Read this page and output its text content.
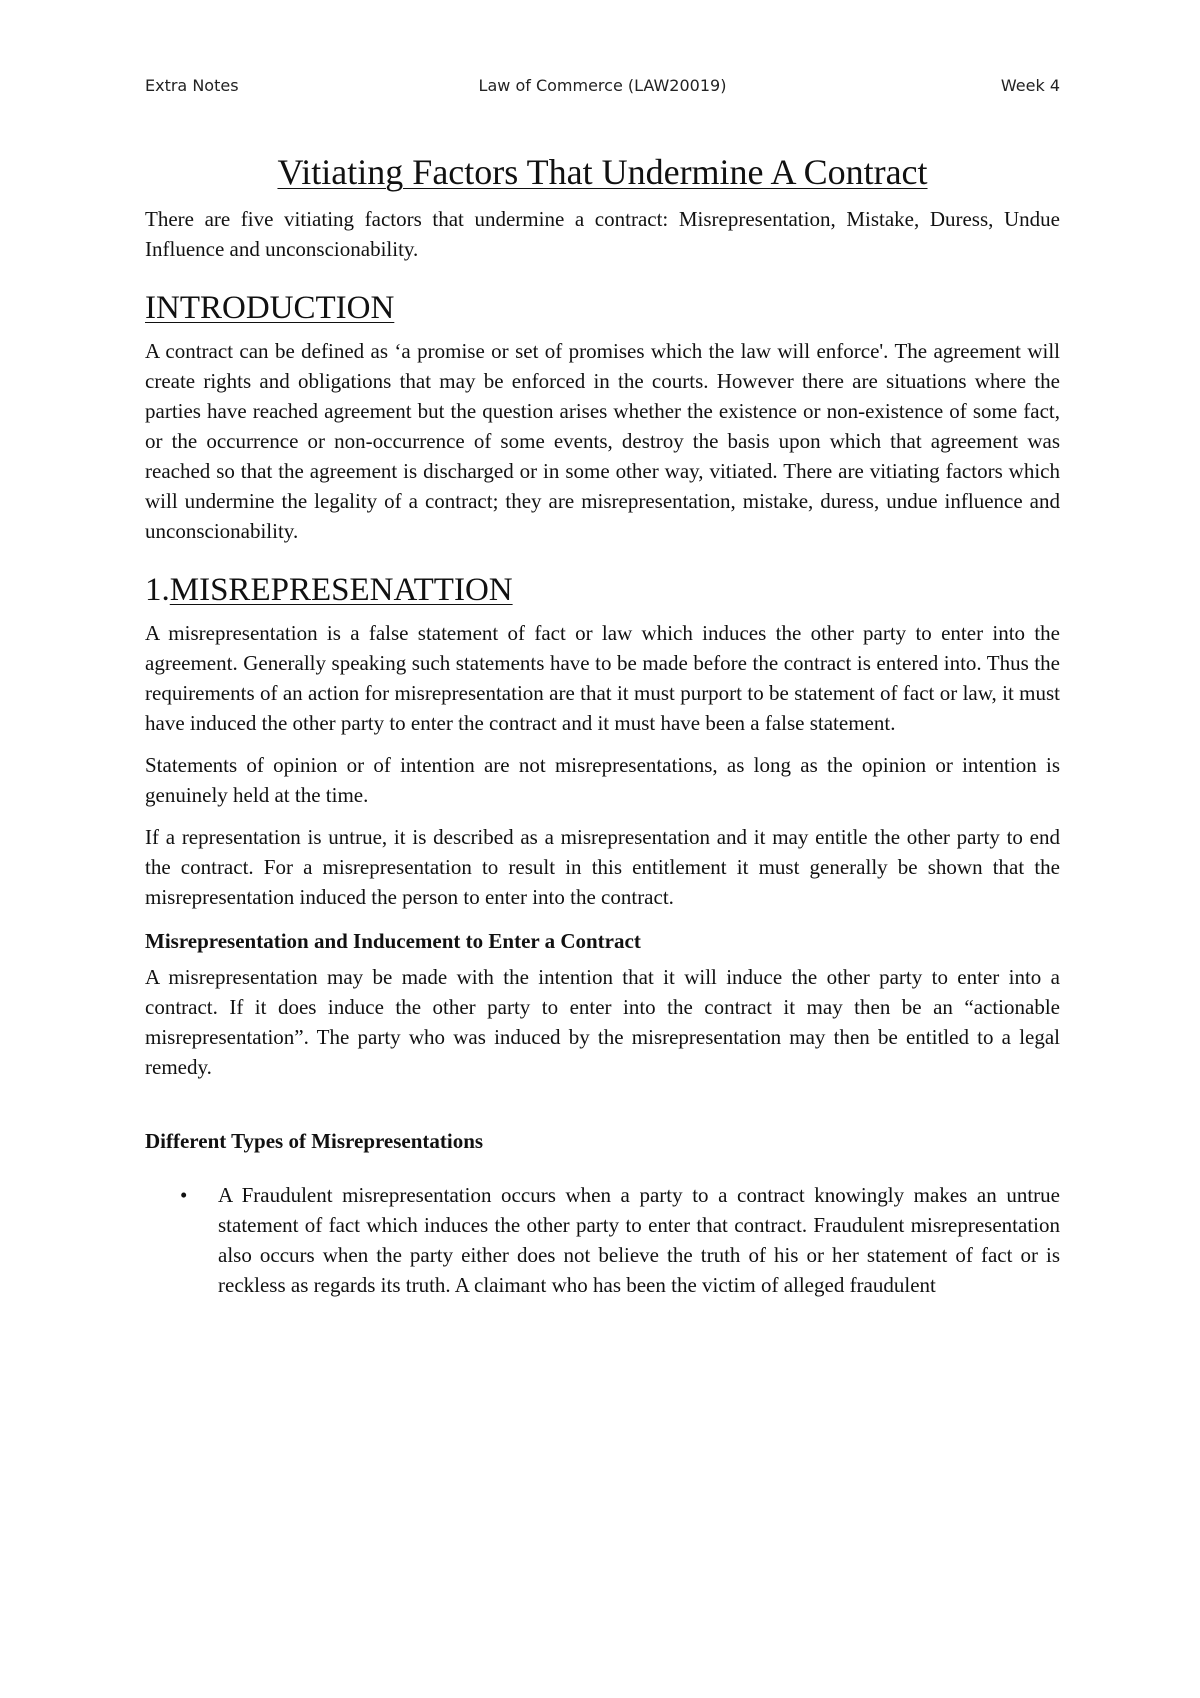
Extra Notes	Law of Commerce (LAW20019)	Week 4
Vitiating Factors That Undermine A Contract

There are five vitiating factors that undermine a contract: Misrepresentation, Mistake, Duress, Undue Influence and unconscionability.

INTRODUCTION

A contract can be defined as ‘a promise or set of promises which the law will enforce'. The agreement will create rights and obligations that may be enforced in the courts. However there are situations where the parties have reached agreement but the question arises whether the existence or non-existence of some fact, or the occurrence or non-occurrence of some events, destroy the basis upon which that agreement was reached so that the agreement is discharged or in some other way, vitiated. There are vitiating factors which will undermine the legality of a contract; they are misrepresentation, mistake, duress, undue influence and unconscionability.

1.MISREPRESENATTION

A misrepresentation is a false statement of fact or law which induces the other party to enter into the agreement. Generally speaking such statements have to be made before the contract is entered into. Thus the requirements of an action for misrepresentation are that it must purport to be statement of fact or law, it must have induced the other party to enter the contract and it must have been a false statement.

Statements of opinion or of intention are not misrepresentations, as long as the opinion or intention is genuinely held at the time.

If a representation is untrue, it is described as a misrepresentation and it may entitle the other party to end the contract. For a misrepresentation to result in this entitlement it must generally be shown that the misrepresentation induced the person to enter into the contract.

Misrepresentation and Inducement to Enter a Contract

A misrepresentation may be made with the intention that it will induce the other party to enter into a contract. If it does induce the other party to enter into the contract it may then be an “actionable misrepresentation”. The party who was induced by the misrepresentation may then be entitled to a legal remedy.

Different Types of Misrepresentations
• A Fraudulent misrepresentation occurs when a party to a contract knowingly makes an untrue statement of fact which induces the other party to enter that contract. Fraudulent misrepresentation also occurs when the party either does not believe the truth of his or her statement of fact or is reckless as regards its truth. A claimant who has been the victim of alleged fraudulent
